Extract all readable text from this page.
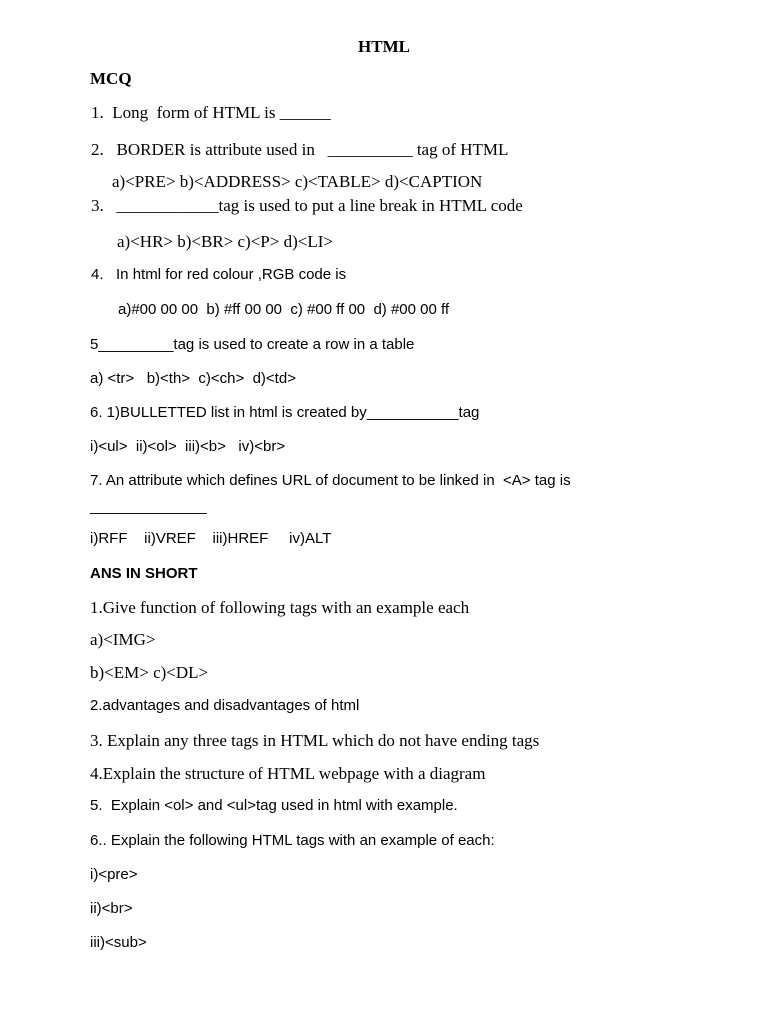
HTML
MCQ
1.  Long  form of HTML is ______
2.   BORDER is attribute used in   __________ tag of HTML
a)<PRE> b)<ADDRESS> c)<TABLE> d)<CAPTION
3.   ____________tag is used to put a line break in HTML code
a)<HR> b)<BR> c)<P> d)<LI>
4.   In html for red colour ,RGB code is
a)#00 00 00  b) #ff 00 00  c) #00 ff 00  d) #00 00 ff
5_________tag is used to create a row in a table
a) <tr>   b)<th>  c)<ch>  d)<td>
6. 1)BULLETTED list in html is created by___________tag
i)<ul>  ii)<ol>  iii)<b>   iv)<br>
7. An attribute which defines URL of document to be linked in  <A> tag is
______________
i)RFF    ii)VREF    iii)HREF     iv)ALT
ANS IN SHORT
1.Give function of following tags with an example each
a)<IMG>
b)<EM> c)<DL>
2.advantages and disadvantages of html
3. Explain any three tags in HTML which do not have ending tags
4.Explain the structure of HTML webpage with a diagram
5.  Explain <ol> and <ul>tag used in html with example.
6.. Explain the following HTML tags with an example of each:
i)<pre>
ii)<br>
iii)<sub>
